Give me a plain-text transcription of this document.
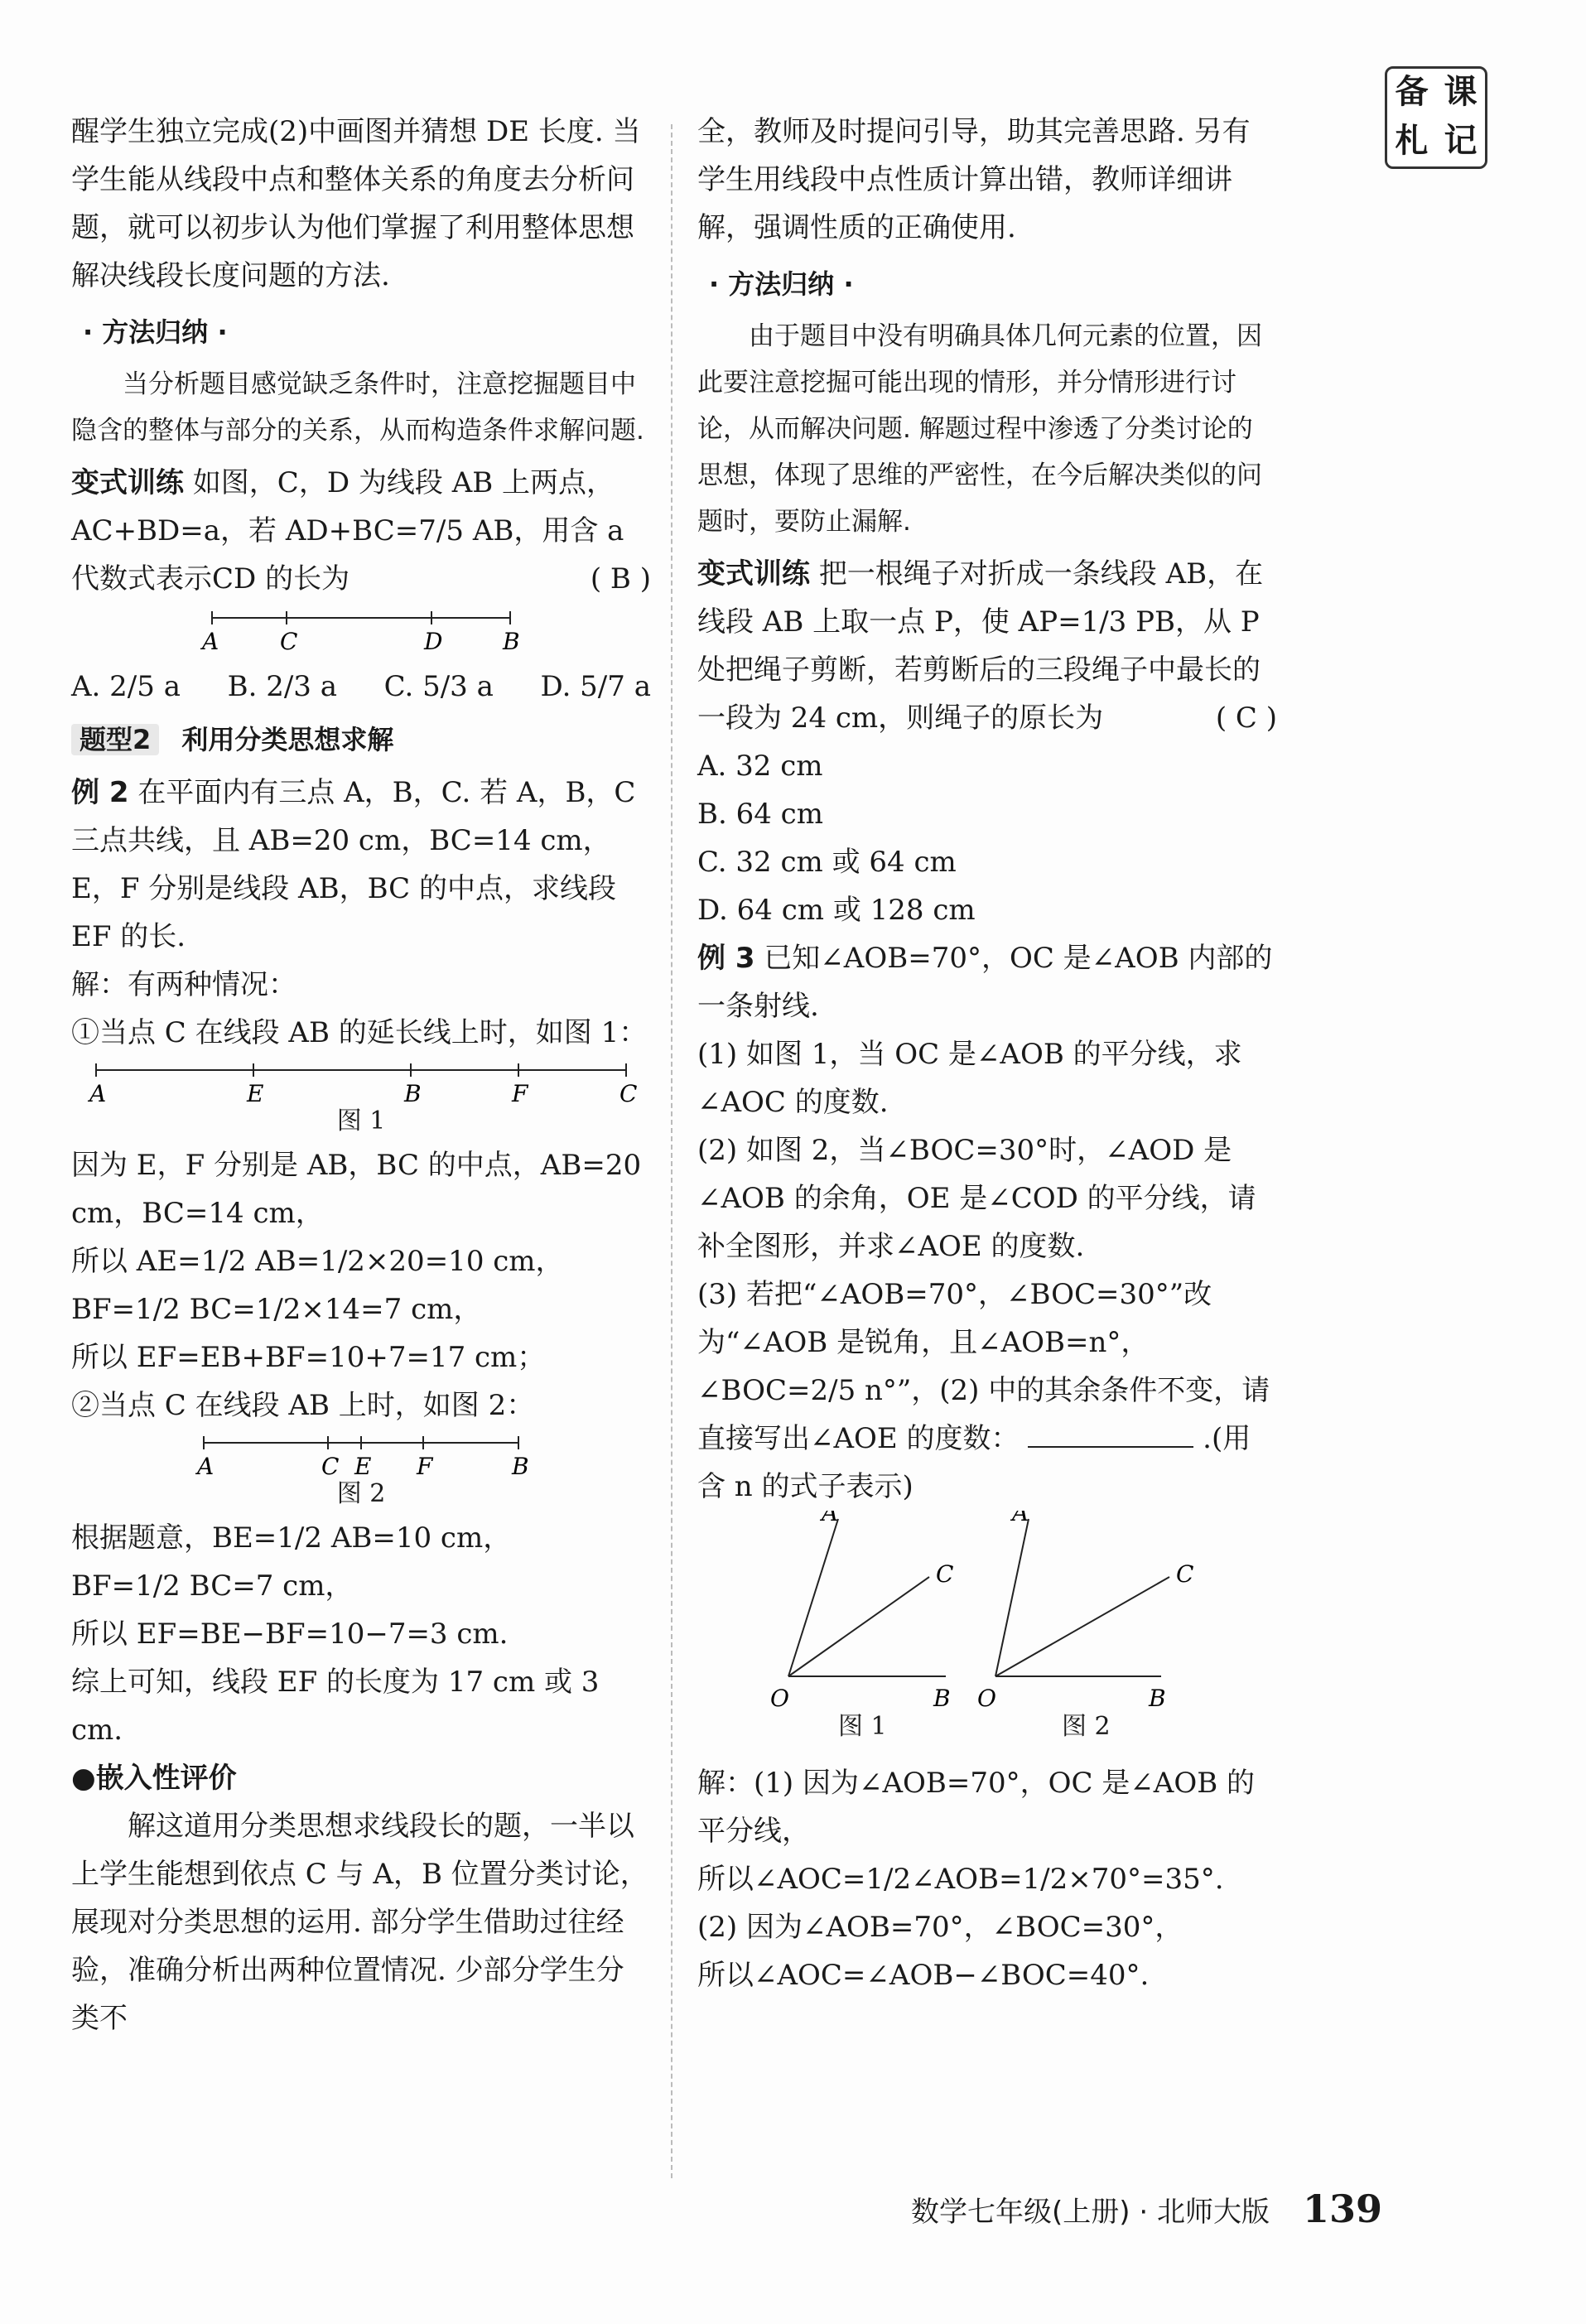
备 课
札 记

醒学生独立完成(2)中画图并猜想 DE 长度. 当学生能从线段中点和整体关系的角度去分析问题，就可以初步认为他们掌握了利用整体思想解决线段长度问题的方法.

· 方法归纳 ·
当分析题目感觉缺乏条件时，注意挖掘题目中隐含的整体与部分的关系，从而构造条件求解问题.

变式训练 如图，C，D 为线段 AB 上两点，AC+BD=a，若 AD+BC=7/5 AB，用含 a 代数式表示CD 的长为	( B )

A	C	D	B
A. 2/5 a B. 2/3 a C. 5/3 a D. 5/7 a
题型2 利用分类思想求解

例 2 在平面内有三点 A，B，C. 若 A，B，C 三点共线，且 AB=20 cm，BC=14 cm，E，F 分别是线段 AB，BC 的中点，求线段 EF 的长.

解：有两种情况：

①当点 C 在线段 AB 的延长线上时，如图 1：

A	E	B	F	C
图 1

因为 E，F 分别是 AB，BC 的中点，AB=20 cm，BC=14 cm，

所以 AE=1/2 AB=1/2×20=10 cm，BF=1/2 BC=1/2×14=7 cm，

所以 EF=EB+BF=10+7=17 cm；

②当点 C 在线段 AB 上时，如图 2：

A	C E F	B
图 2

根据题意，BE=1/2 AB=10 cm，

BF=1/2 BC=7 cm，

所以 EF=BE−BF=10−7=3 cm.

综上可知，线段 EF 的长度为 17 cm 或 3 cm.

●嵌入性评价

解这道用分类思想求线段长的题，一半以上学生能想到依点 C 与 A，B 位置分类讨论，展现对分类思想的运用. 部分学生借助过往经验，准确分析出两种位置情况. 少部分学生分类不

全，教师及时提问引导，助其完善思路. 另有学生用线段中点性质计算出错，教师详细讲解，强调性质的正确使用.

· 方法归纳 ·
由于题目中没有明确具体几何元素的位置，因此要注意挖掘可能出现的情形，并分情形进行讨论，从而解决问题. 解题过程中渗透了分类讨论的思想，体现了思维的严密性，在今后解决类似的问题时，要防止漏解.

变式训练 把一根绳子对折成一条线段 AB，在线段 AB 上取一点 P，使 AP=1/3 PB，从 P 处把绳子剪断，若剪断后的三段绳子中最长的一段为 24 cm，则绳子的原长为	( C )

A. 32 cm

B. 64 cm

C. 32 cm 或 64 cm

D. 64 cm 或 128 cm

例 3 已知∠AOB=70°，OC 是∠AOB 内部的一条射线.

(1) 如图 1，当 OC 是∠AOB 的平分线，求∠AOC 的度数.

(2) 如图 2，当∠BOC=30°时，∠AOD 是∠AOB 的余角，OE 是∠COD 的平分线，请补全图形，并求∠AOE 的度数.

(3) 若把“∠AOB=70°，∠BOC=30°”改为“∠AOB 是锐角，且∠AOB=n°，∠BOC=2/5 n°”，(2) 中的其余条件不变，请直接写出∠AOE 的度数：	.(用含 n 的式子表示)

A
C
O	B
A
C
O	B
图 1	图 2

解：(1) 因为∠AOB=70°，OC 是∠AOB 的平分线，

所以∠AOC=1/2∠AOB=1/2×70°=35°.

(2) 因为∠AOB=70°，∠BOC=30°，

所以∠AOC=∠AOB−∠BOC=40°.

数学七年级(上册) · 北师大版 139
